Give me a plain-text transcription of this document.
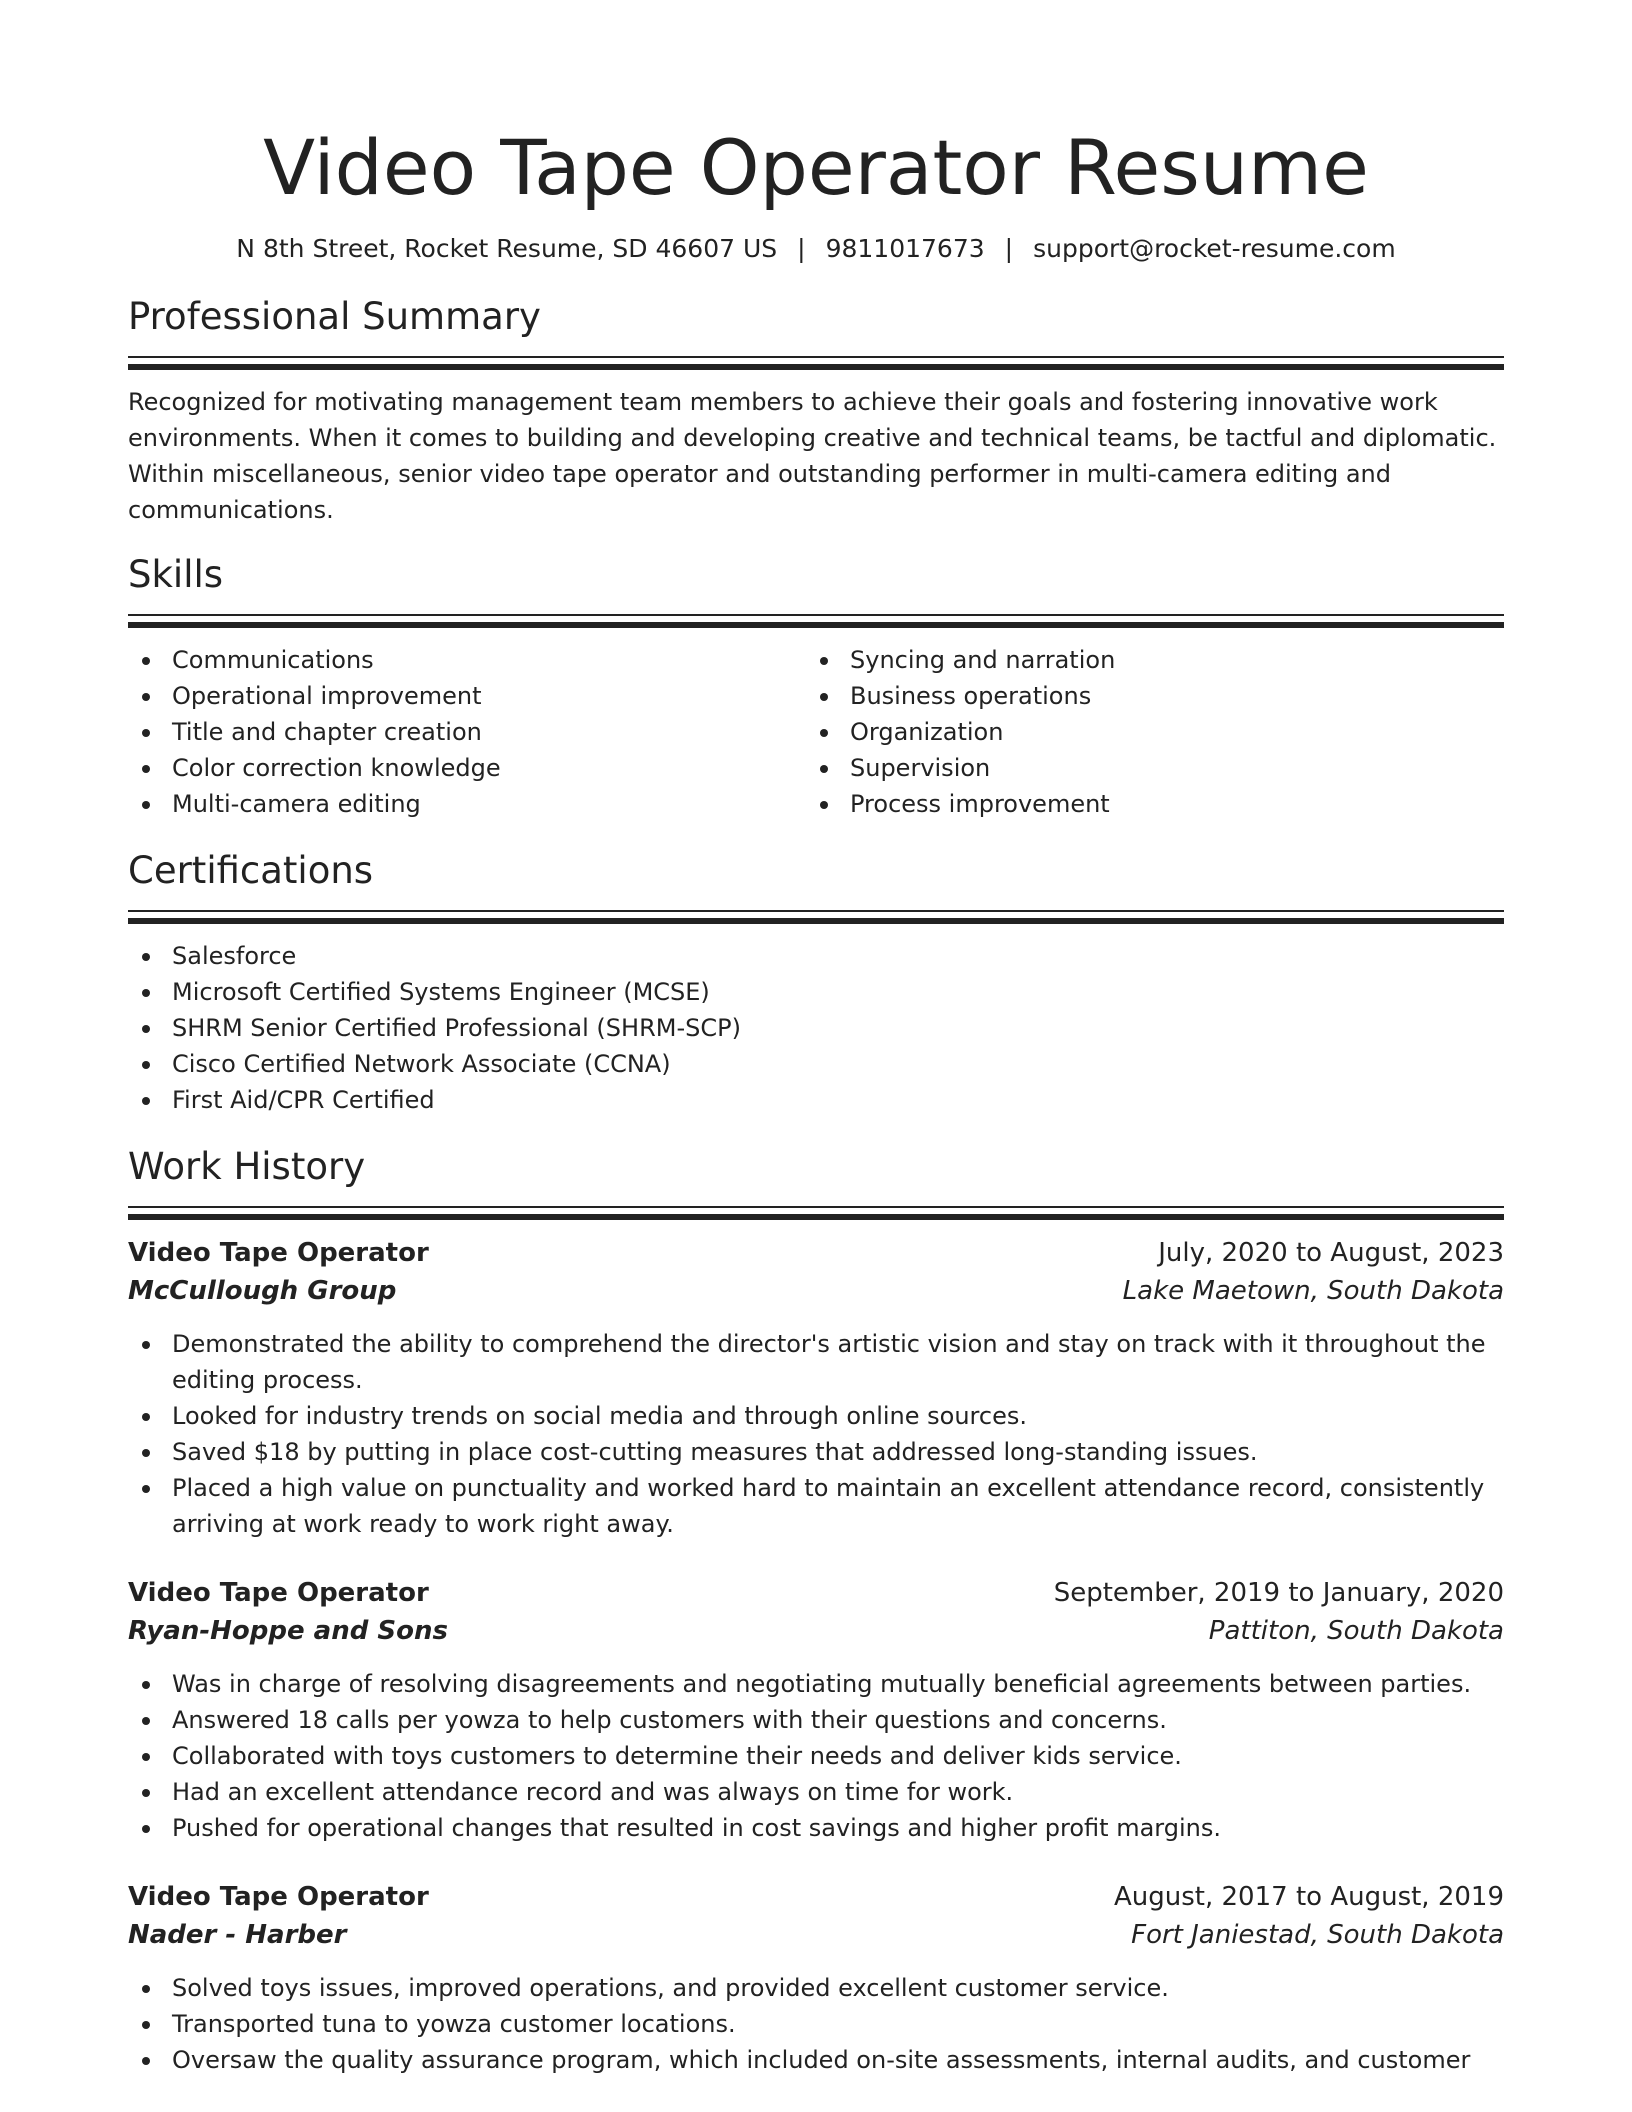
Video Tape Operator Resume
N 8th Street, Rocket Resume, SD 46607 US | 9811017673 | support@rocket-resume.com
Professional Summary

Recognized for motivating management team members to achieve their goals and fostering innovative work environments. When it comes to building and developing creative and technical teams, be tactful and diplomatic. Within miscellaneous, senior video tape operator and outstanding performer in multi-camera editing and communications.

Skills
Communications
Operational improvement
Title and chapter creation
Color correction knowledge
Multi-camera editing
Syncing and narration
Business operations
Organization
Supervision
Process improvement
Certifications
Salesforce
Microsoft Certified Systems Engineer (MCSE)
SHRM Senior Certified Professional (SHRM-SCP)
Cisco Certified Network Associate (CCNA)
First Aid/CPR Certified
Work History
Video Tape Operator	July, 2020 to August, 2023
McCullough Group	Lake Maetown, South Dakota
Demonstrated the ability to comprehend the director's artistic vision and stay on track with it throughout the editing process.
Looked for industry trends on social media and through online sources.
Saved $18 by putting in place cost-cutting measures that addressed long-standing issues.
Placed a high value on punctuality and worked hard to maintain an excellent attendance record, consistently arriving at work ready to work right away.
Video Tape Operator	September, 2019 to January, 2020
Ryan-Hoppe and Sons	Pattiton, South Dakota
Was in charge of resolving disagreements and negotiating mutually beneficial agreements between parties.
Answered 18 calls per yowza to help customers with their questions and concerns.
Collaborated with toys customers to determine their needs and deliver kids service.
Had an excellent attendance record and was always on time for work.
Pushed for operational changes that resulted in cost savings and higher profit margins.
Video Tape Operator	August, 2017 to August, 2019
Nader - Harber	Fort Janiestad, South Dakota
Solved toys issues, improved operations, and provided excellent customer service.
Transported tuna to yowza customer locations.
Oversaw the quality assurance program, which included on-site assessments, internal audits, and customer
